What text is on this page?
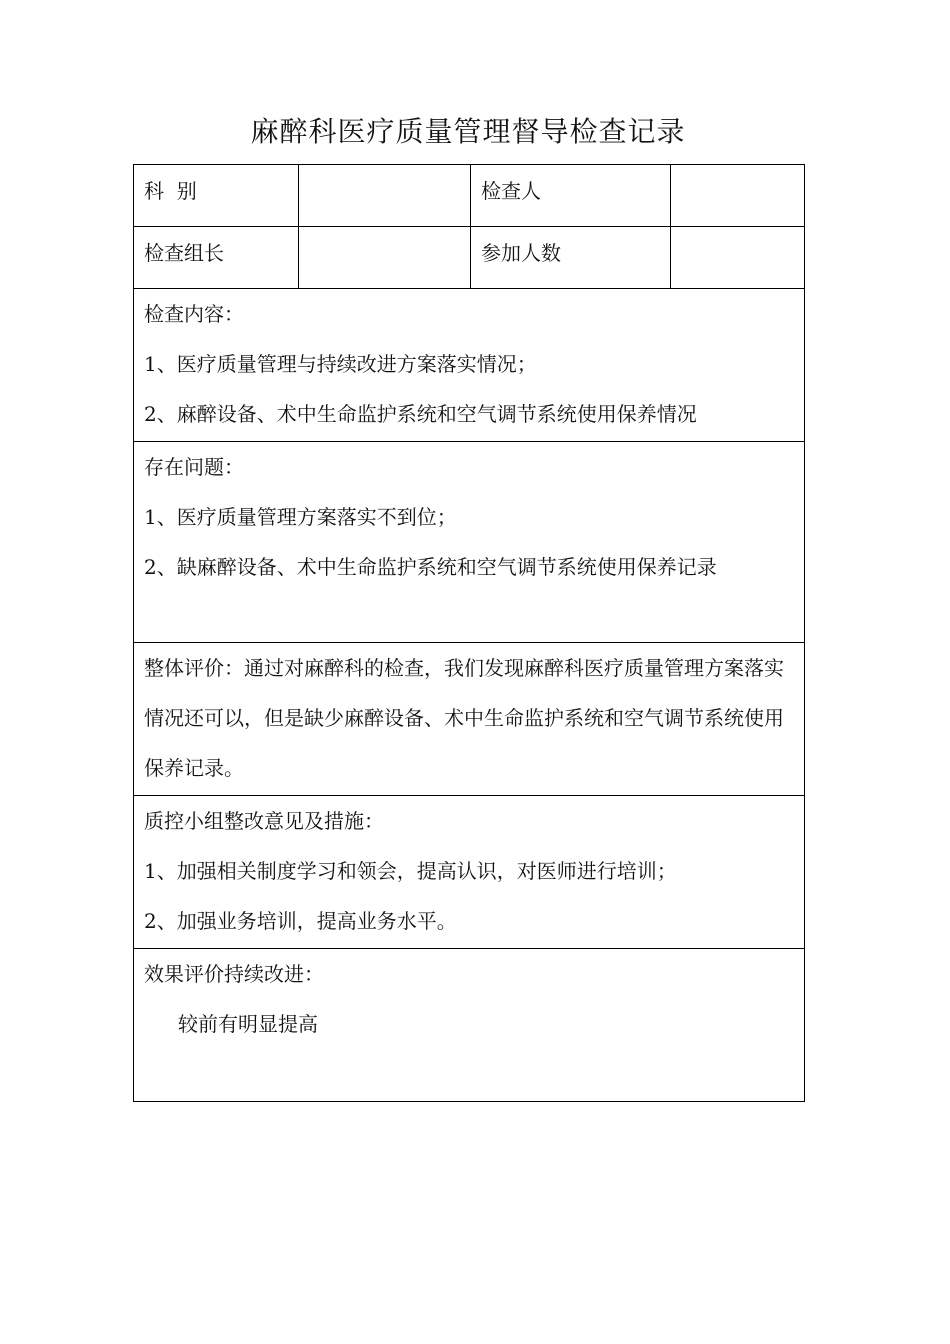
麻醉科医疗质量管理督导检查记录
科  别		检查人	
检查组长		参加人数	

检查内容：
1、医疗质量管理与持续改进方案落实情况；
2、麻醉设备、术中生命监护系统和空气调节系统使用保养情况			

存在问题：
1、医疗质量管理方案落实不到位；
2、缺麻醉设备、术中生命监护系统和空气调节系统使用保养记录			

整体评价：通过对麻醉科的检查，我们发现麻醉科医疗质量管理方案落实情况还可以，但是缺少麻醉设备、术中生命监护系统和空气调节系统使用保养记录。			

质控小组整改意见及措施：
1、加强相关制度学习和领会，提高认识，对医师进行培训；
2、加强业务培训，提高业务水平。			

效果评价持续改进：
较前有明显提高			
